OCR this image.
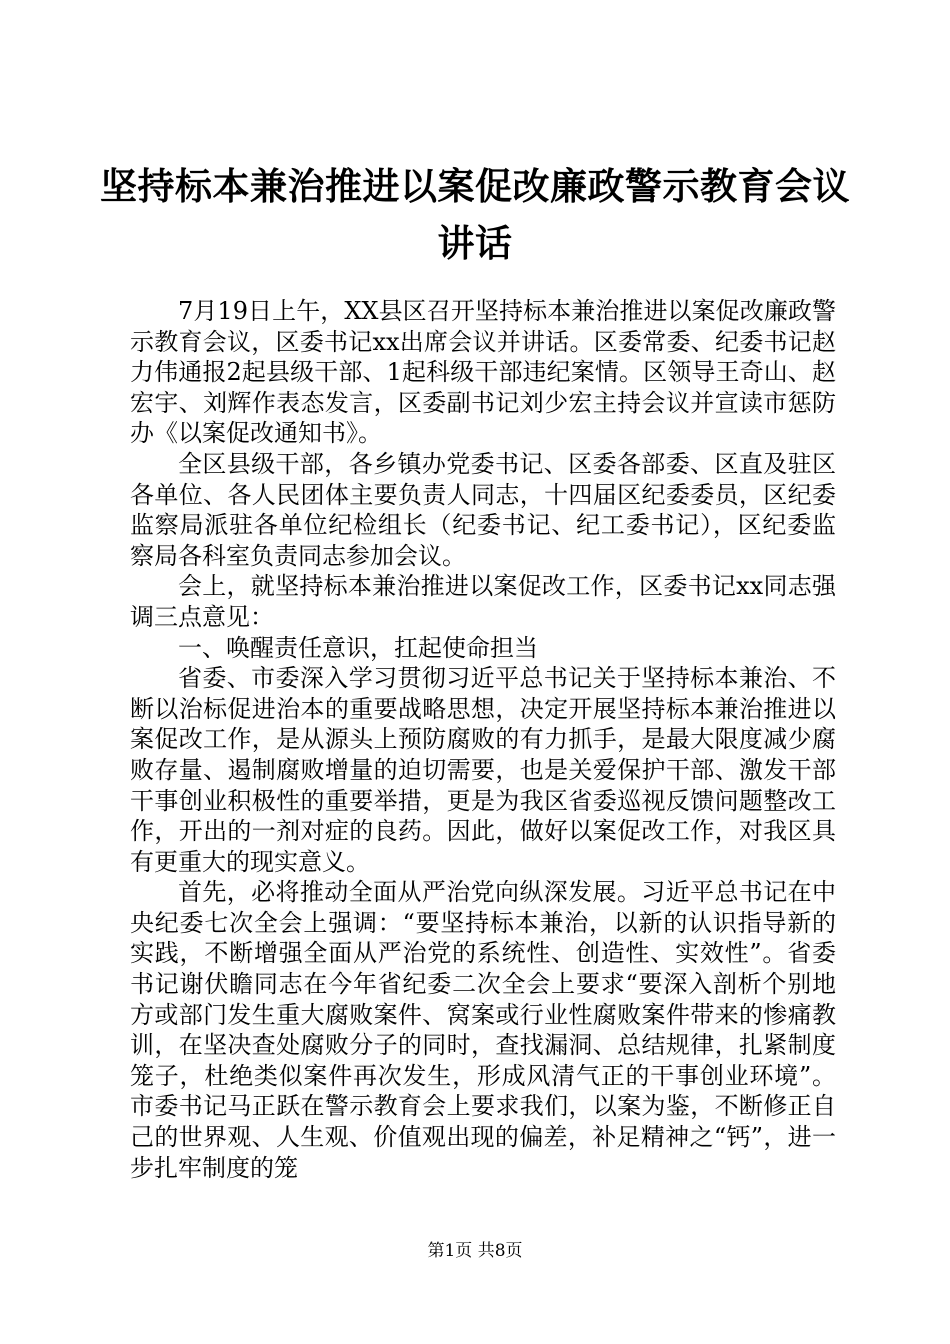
坚持标本兼治推进以案促改廉政警示教育会议讲话

7月19日上午，XX县区召开坚持标本兼治推进以案促改廉政警示教育会议，区委书记xx出席会议并讲话。区委常委、纪委书记赵力伟通报2起县级干部、1起科级干部违纪案情。区领导王奇山、赵宏宇、刘辉作表态发言，区委副书记刘少宏主持会议并宣读市惩防办《以案促改通知书》。

全区县级干部，各乡镇办党委书记、区委各部委、区直及驻区各单位、各人民团体主要负责人同志，十四届区纪委委员，区纪委监察局派驻各单位纪检组长（纪委书记、纪工委书记），区纪委监察局各科室负责同志参加会议。

会上，就坚持标本兼治推进以案促改工作，区委书记xx同志强调三点意见：

一、唤醒责任意识，扛起使命担当

省委、市委深入学习贯彻习近平总书记关于坚持标本兼治、不断以治标促进治本的重要战略思想，决定开展坚持标本兼治推进以案促改工作，是从源头上预防腐败的有力抓手，是最大限度减少腐败存量、遏制腐败增量的迫切需要，也是关爱保护干部、激发干部干事创业积极性的重要举措，更是为我区省委巡视反馈问题整改工作，开出的一剂对症的良药。因此，做好以案促改工作，对我区具有更重大的现实意义。

首先，必将推动全面从严治党向纵深发展。习近平总书记在中央纪委七次全会上强调：“要坚持标本兼治，以新的认识指导新的实践，不断增强全面从严治党的系统性、创造性、实效性”。省委书记谢伏瞻同志在今年省纪委二次全会上要求“要深入剖析个别地方或部门发生重大腐败案件、窝案或行业性腐败案件带来的惨痛教训，在坚决查处腐败分子的同时，查找漏洞、总结规律，扎紧制度笼子，杜绝类似案件再次发生，形成风清气正的干事创业环境”。市委书记马正跃在警示教育会上要求我们，以案为鉴，不断修正自己的世界观、人生观、价值观出现的偏差，补足精神之“钙”，进一步扎牢制度的笼

第1页 共8页
